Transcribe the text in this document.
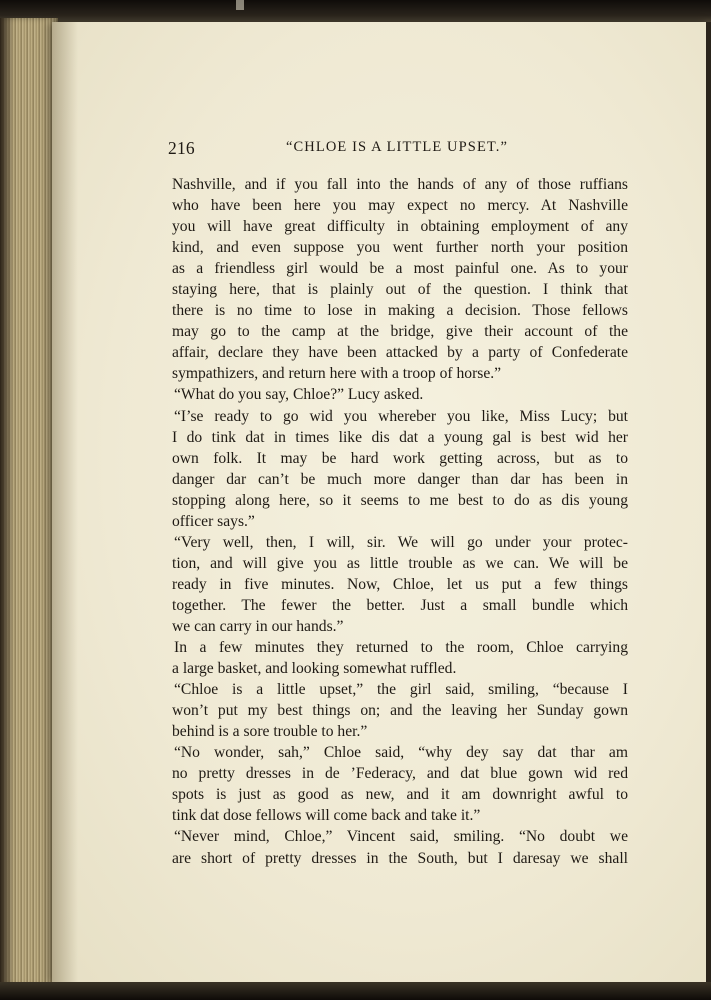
216	“CHLOE IS A LITTLE UPSET.”
Nashville, and if you fall into the hands of any of those ruffians
who have been here you may expect no mercy. At Nashville
you will have great difficulty in obtaining employment of any
kind, and even suppose you went further north your position
as a friendless girl would be a most painful one. As to your
staying here, that is plainly out of the question. I think that
there is no time to lose in making a decision. Those fellows
may go to the camp at the bridge, give their account of the
affair, declare they have been attacked by a party of Confederate
sympathizers, and return here with a troop of horse.”
“What do you say, Chloe?” Lucy asked.
“I’se ready to go wid you whereber you like, Miss Lucy; but
I do tink dat in times like dis dat a young gal is best wid her
own folk. It may be hard work getting across, but as to
danger dar can’t be much more danger than dar has been in
stopping along here, so it seems to me best to do as dis young
officer says.”
“Very well, then, I will, sir. We will go under your protec-
tion, and will give you as little trouble as we can. We will be
ready in five minutes. Now, Chloe, let us put a few things
together. The fewer the better. Just a small bundle which
we can carry in our hands.”
In a few minutes they returned to the room, Chloe carrying
a large basket, and looking somewhat ruffled.
“Chloe is a little upset,” the girl said, smiling, “because I
won’t put my best things on; and the leaving her Sunday gown
behind is a sore trouble to her.”
“No wonder, sah,” Chloe said, “why dey say dat thar am
no pretty dresses in de ’Federacy, and dat blue gown wid red
spots is just as good as new, and it am downright awful to
tink dat dose fellows will come back and take it.”
“Never mind, Chloe,” Vincent said, smiling. “No doubt we
are short of pretty dresses in the South, but I daresay we shall
